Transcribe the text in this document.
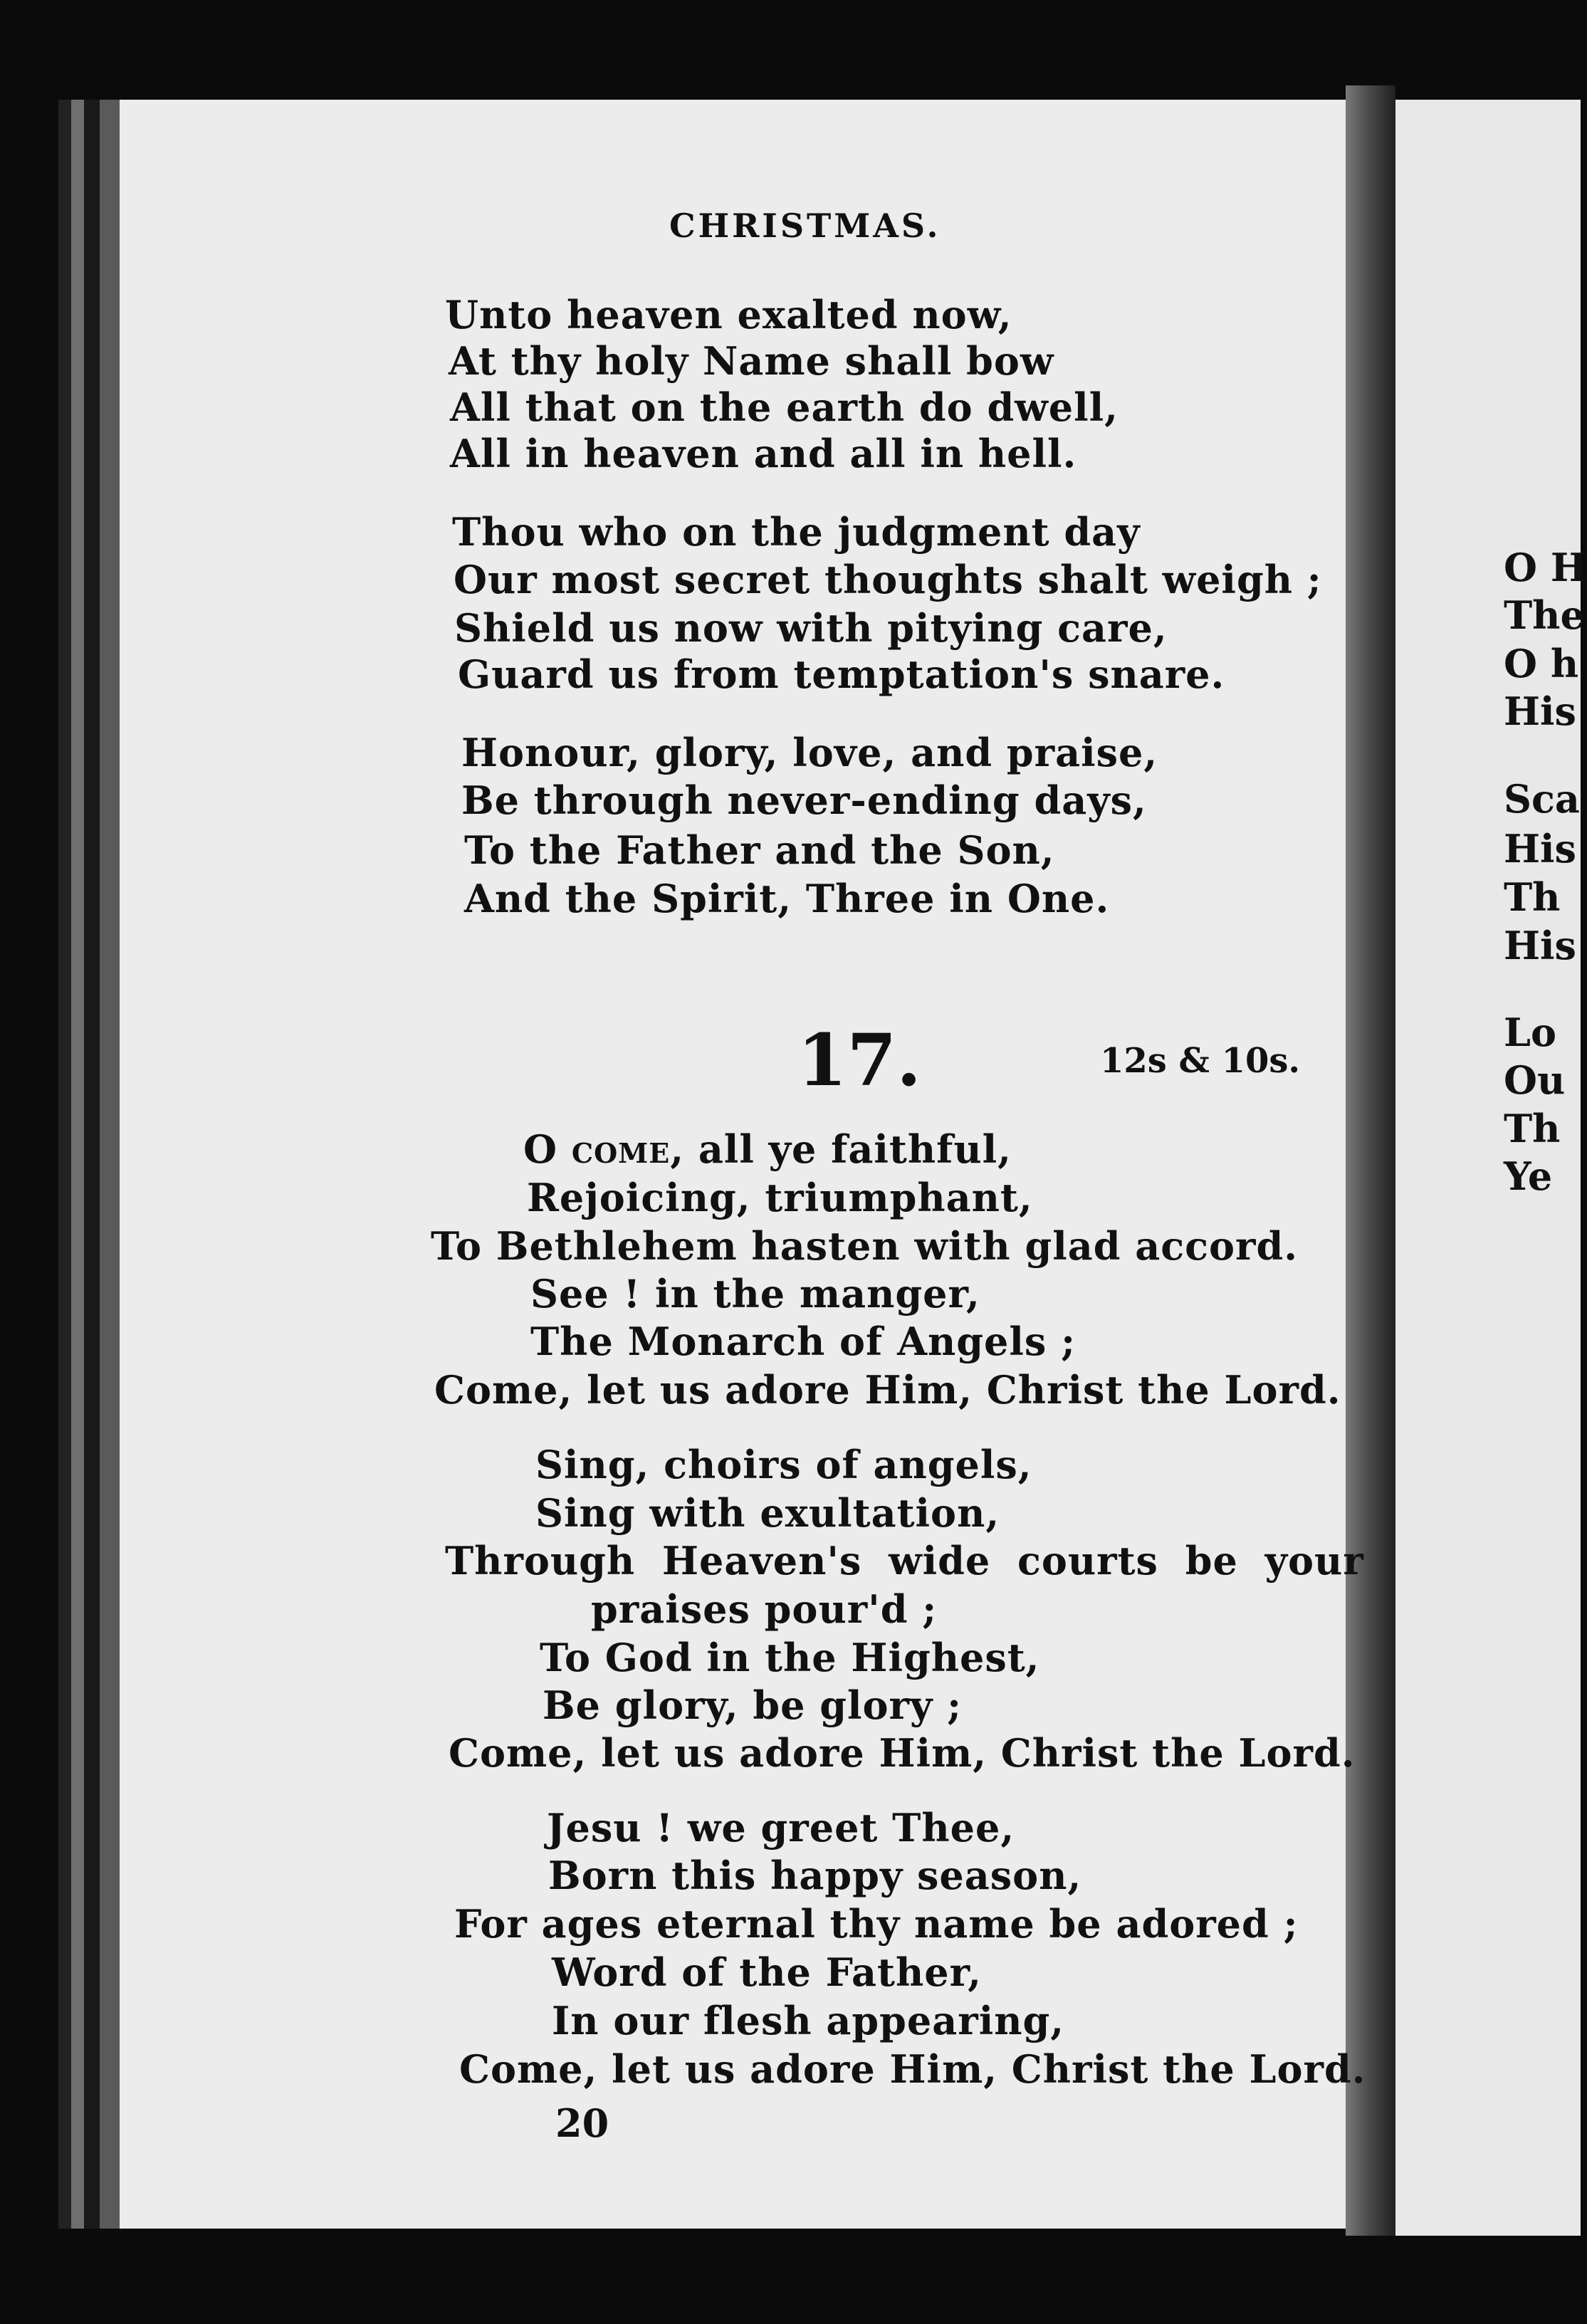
CHRISTMAS.
Unto heaven exalted now,
At thy holy Name shall bow
All that on the earth do dwell,
All in heaven and all in hell.
Thou who on the judgment day
Our most secret thoughts shalt weigh ;
Shield us now with pitying care,
Guard us from temptation's snare.
Honour, glory, love, and praise,
Be through never-ending days,
To the Father and the Son,
And the Spirit, Three in One.
17.	12s & 10s.
O come, all ye faithful,
Rejoicing, triumphant,
To Bethlehem hasten with glad accord.
See ! in the manger,
The Monarch of Angels ;
Come, let us adore Him, Christ the Lord.
Sing, choirs of angels,
Sing with exultation,
Through Heaven's wide courts be your
praises pour'd ;
To God in the Highest,
Be glory, be glory ;
Come, let us adore Him, Christ the Lord.
Jesu ! we greet Thee,
Born this happy season,
For ages eternal thy name be adored ;
Word of the Father,
In our flesh appearing,
Come, let us adore Him, Christ the Lord.
20
O H
The
O h
His
Sca
His
Th
His
Lo
Ou
Th
Ye
